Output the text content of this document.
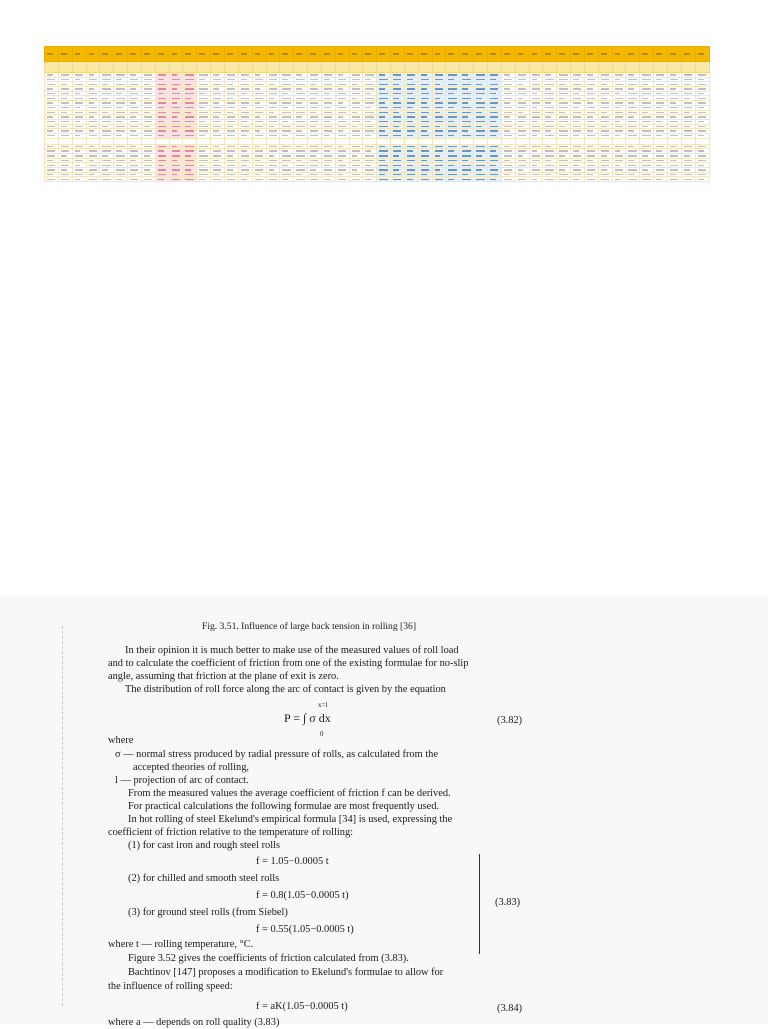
Fig. 3.51. Influence of large back tension in rolling [36]
In their opinion it is much better to make use of the measured values of roll load
and to calculate the coefficient of friction from one of the existing formulae for no-slip
angle, assuming that friction at the plane of exit is zero.
The distribution of roll force along the arc of contact is given by the equation
x=l
P = ∫ σ dx
0
(3.82)
where
σ — normal stress produced by radial pressure of rolls, as calculated from the
accepted theories of rolling,
l — projection of arc of contact.
From the measured values the average coefficient of friction f can be derived.
For practical calculations the following formulae are most frequently used.
In hot rolling of steel Ekelund's empirical formula [34] is used, expressing the
coefficient of friction relative to the temperature of rolling:
(1) for cast iron and rough steel rolls
f = 1.05−0.0005 t
(2) for chilled and smooth steel rolls
f = 0.8(1.05−0.0005 t)
(3) for ground steel rolls (from Siebel)
f = 0.55(1.05−0.0005 t)
(3.83)
where t — rolling temperature, °C.
Figure 3.52 gives the coefficients of friction calculated from (3.83).
Bachtinov [147] proposes a modification to Ekelund's formulae to allow for
the influence of rolling speed:
f = aK(1.05−0.0005 t)	(3.84)
where a — depends on roll quality (3.83)
